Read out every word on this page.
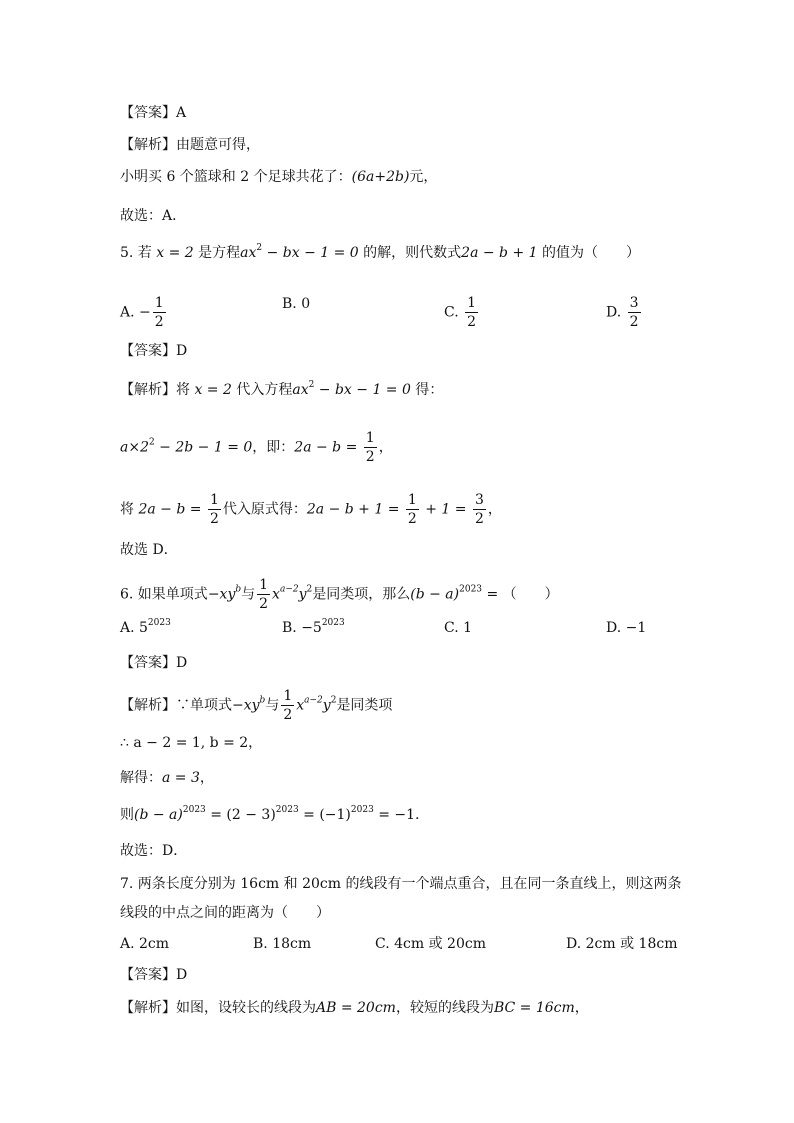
【答案】A
【解析】由题意可得，
小明买 6 个篮球和 2 个足球共花了：(6a+2b)元，
故选：A．
5. 若 x = 2 是方程$ax^2$ − bx − 1 = 0 的解，则代数式2a − b + 1 的值为（　　）
A. − $\frac{1}{2}$	B. 0
C. $\frac{1}{2}$	D. $\frac{3}{2}$
【答案】D
【解析】将 x = 2 代入方程$ax^2$ − bx − 1 = 0 得：
$a\times 2^2 - 2b - 1 = 0$，即：$2a - b = \frac{1}{2}$ ，
将 $2a - b = \frac{1}{2}$ 代入原式得：$2a - b + 1 = \frac{1}{2} + 1 = \frac{3}{2}$ ，
故选 D．
6. 如果单项式$-xy^b$与 $\frac{1}{2} x^{a-2}y^2$是同类项，那么$(b - a)^{2023}$ = （　　）
A. $5^{2023}$	B. $-5^{2023}$	C. 1	D. −1
【答案】D
【解析】∵单项式$-xy^b$与 $\frac{1}{2} x^{a-2}y^2$是同类项
∴ a − 2 = 1, b = 2，
解得：a = 3，
则$(b - a)^{2023} = (2 - 3)^{2023} = (-1)^{2023} = -1$．
故选：D．
7. 两条长度分别为 16cm 和 20cm 的线段有一个端点重合，且在同一条直线上，则这两条
线段的中点之间的距离为（　　）
A. 2cm	B. 18cm	C. 4cm 或 20cm	D. 2cm 或 18cm
【答案】D
【解析】如图，设较长的线段为AB = 20cm，较短的线段为BC = 16cm，
